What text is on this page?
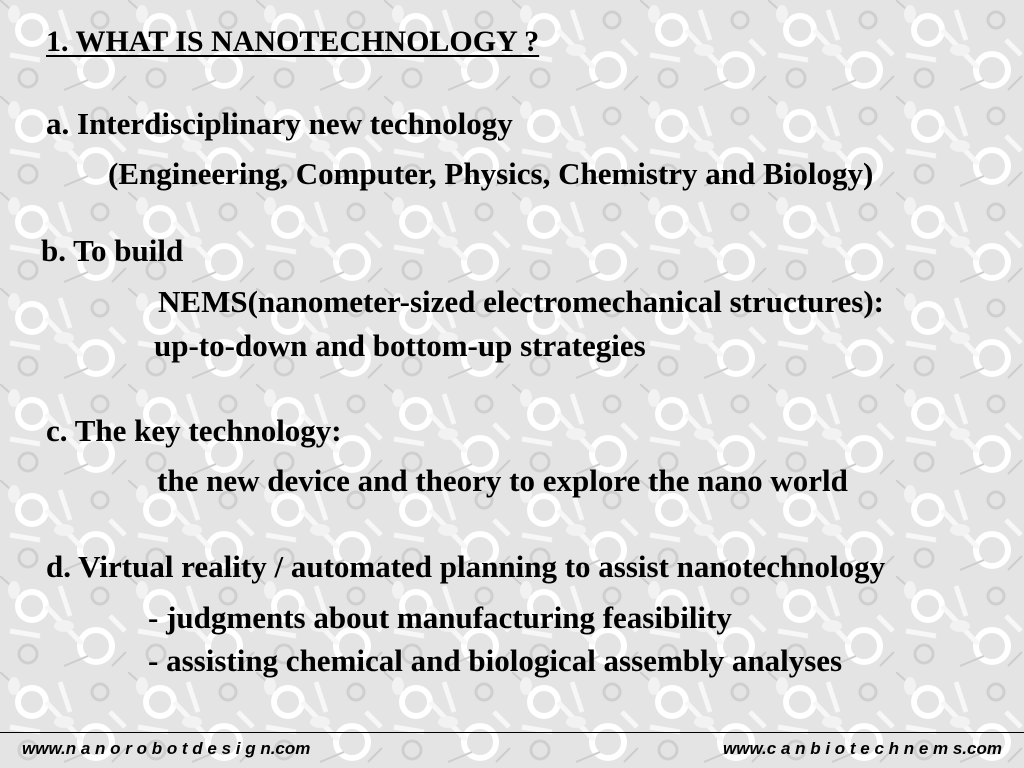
1. WHAT IS NANOTECHNOLOGY ?
a. Interdisciplinary new technology
(Engineering, Computer, Physics, Chemistry and Biology)
b. To build
NEMS(nanometer-sized electromechanical structures):
up-to-down and bottom-up strategies
c. The key technology:
the new device and theory to explore the nano world
d. Virtual reality / automated planning to assist nanotechnology
- judgments about manufacturing feasibility
- assisting chemical and biological assembly analyses
www.n a n o r o b o t d e s i g n.com	www.c a n b i o t e c h n e m s.com
